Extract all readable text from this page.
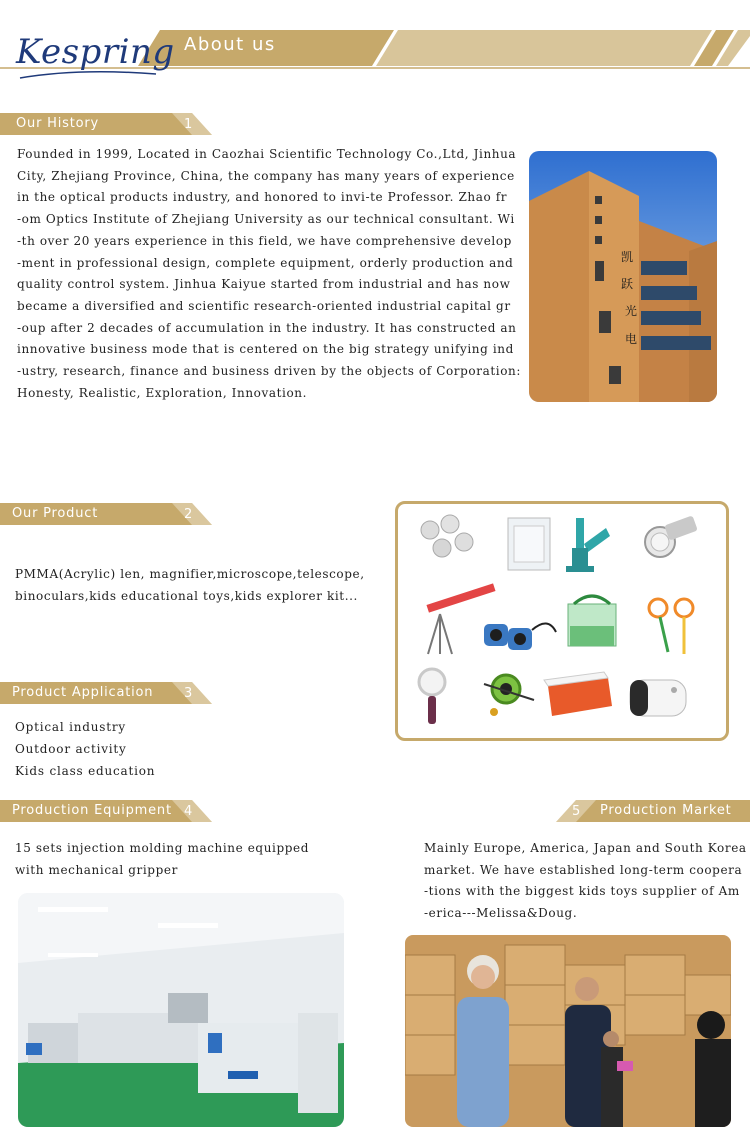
Kespring About us
Our History	1
Founded in 1999, Located in Caozhai Scientific Technology Co.,Ltd, Jinhua
City, Zhejiang Province, China, the company has many years of experience
in the optical products industry, and honored to invi-te Professor. Zhao fr
-om Optics Institute of Zhejiang University as our technical consultant. Wi
-th over 20 years experience in this field, we have comprehensive develop
-ment in professional design, complete equipment, orderly production and
quality control system. Jinhua Kaiyue started from industrial and has now
became a diversified and scientific research-oriented industrial capital gr
-oup after 2 decades of accumulation in the industry. It has constructed an
innovative business mode that is centered on the big strategy unifying ind
-ustry, research, finance and business driven by the objects of Corporation:
Honesty, Realistic, Exploration, Innovation.
凯
跃
光
电
Our Product	2
PMMA(Acrylic) len, magnifier,microscope,telescope,
binoculars,kids educational toys,kids explorer kit...
Product Application 3
Optical industry
Outdoor activity
Kids class education
Production Equipment 4
15 sets injection molding machine equipped
with mechanical gripper
5 Production Market
Mainly Europe, America, Japan and South Korea
market. We have established long-term coopera
-tions with the biggest kids toys supplier of Am
-erica---Melissa&Doug.
